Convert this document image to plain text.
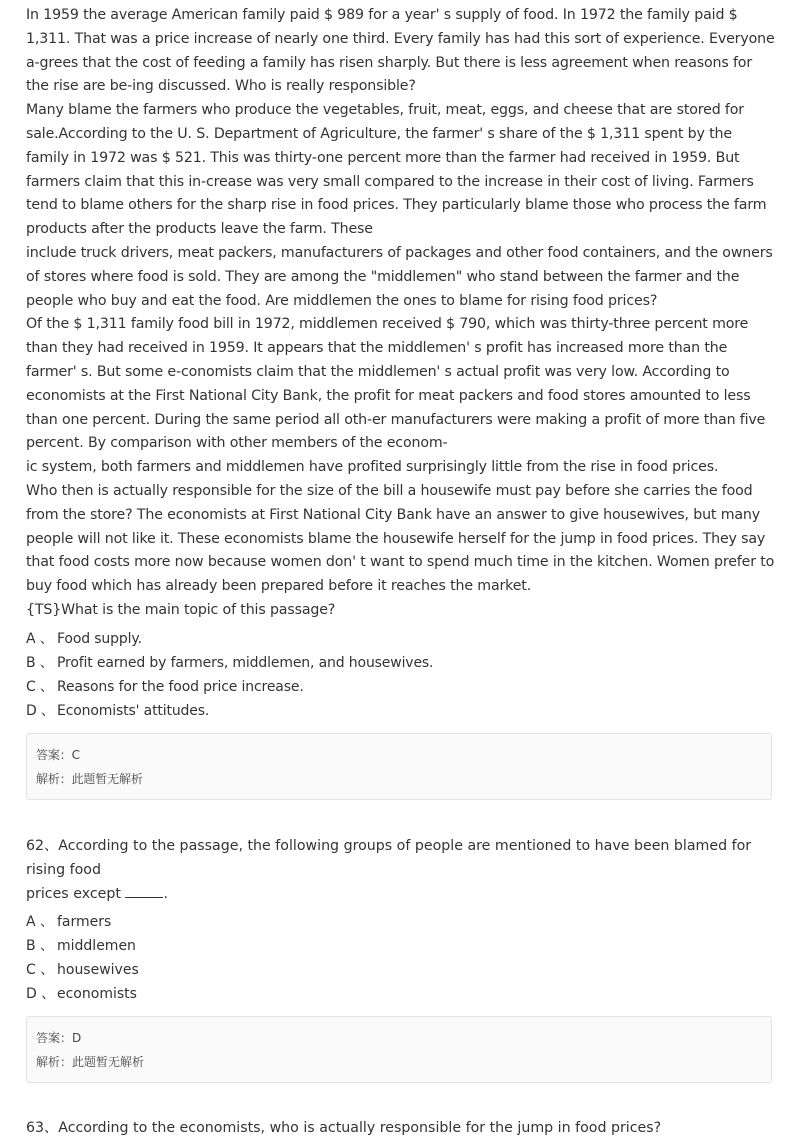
In 1959 the average American family paid $ 989 for a year' s supply of food. In 1972 the family paid $ 1,311. That was a price increase of nearly one third. Every family has had this sort of experience. Everyone a-grees that the cost of feeding a family has risen sharply. But there is less agreement when reasons for the rise are be-ing discussed. Who is really responsible?

Many blame the farmers who produce the vegetables, fruit, meat, eggs, and cheese that are stored for sale.According to the U. S. Department of Agriculture, the farmer' s share of the $ 1,311 spent by the family in 1972 was $ 521. This was thirty-one percent more than the farmer had received in 1959. But farmers claim that this in-crease was very small compared to the increase in their cost of living. Farmers tend to blame others for the sharp rise in food prices. They particularly blame those who process the farm products after the products leave the farm. These

include truck drivers, meat packers, manufacturers of packages and other food containers, and the owners of stores where food is sold. They are among the "middlemen" who stand between the farmer and the people who buy and eat the food. Are middlemen the ones to blame for rising food prices?

Of the $ 1,311 family food bill in 1972, middlemen received $ 790, which was thirty-three percent more

than they had received in 1959. It appears that the middlemen' s profit has increased more than the farmer' s. But some e-conomists claim that the middlemen' s actual profit was very low. According to economists at the First National City Bank, the profit for meat packers and food stores amounted to less than one percent. During the same period all oth-er manufacturers were making a profit of more than five percent. By comparison with other members of the econom-

ic system, both farmers and middlemen have profited surprisingly little from the rise in food prices.

Who then is actually responsible for the size of the bill a housewife must pay before she carries the food

from the store? The economists at First National City Bank have an answer to give housewives, but many people will not like it. These economists blame the housewife herself for the jump in food prices. They say that food costs more now because women don' t want to spend much time in the kitchen. Women prefer to buy food which has already been prepared before it reaches the market.

{TS}What is the main topic of this passage?

A 、 Food supply.
B 、 Profit earned by farmers, middlemen, and housewives.
C 、 Reasons for the food price increase.
D 、 Economists' attitudes.
答案：C
解析：此题暂无解析

62、According to the passage, the following groups of people are mentioned to have been blamed for rising food
prices except	.

A 、 farmers
B 、 middlemen
C 、 housewives
D 、 economists
答案：D
解析：此题暂无解析

63、According to the economists, who is actually responsible for the jump in food prices?
